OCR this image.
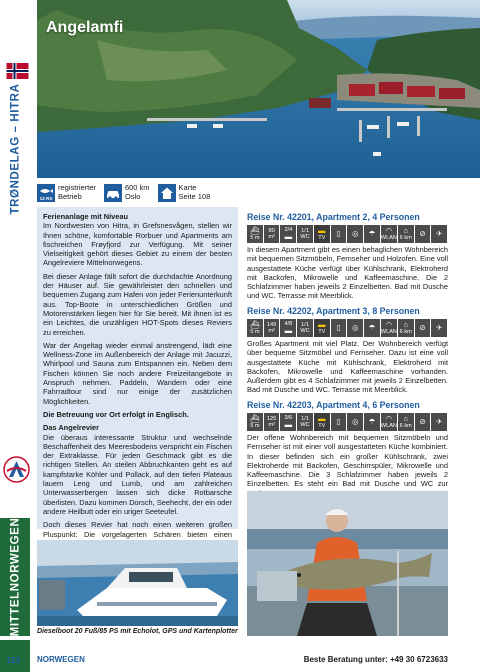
TRØNDELAG – HITRA
MITTELNORWEGEN
Angelamfi
13 RS
registrierter
Betrieb
600 km
Oslo
Karte
Seite 108
Ferienanlage mit Niveau

Im Nordwesten von Hitra, in Grefsnesvågen, stellen wir Ihnen schöne, komfortable Rorbuer und Apartments am fischreichen Frøyfjord zur Verfügung. Mit seiner Vielseitigkeit gehört dieses Gebiet zu einem der besten Angelreviere Mittelnorwegens.

Bei dieser Anlage fällt sofort die durchdachte Anordnung der Häuser auf. Sie gewährleistet den schnellen und bequemen Zugang zum Hafen von jeder Ferienunterkunft aus. Top-Boote in unterschiedlichen Größen und Motorenstärken liegen hier für Sie bereit. Mit ihnen ist es ein Leichtes, die unzähligen HOT-Spots dieses Reviers zu erreichen.

War der Angeltag wieder einmal anstrengend, lädt eine Wellness-Zone im Außenbereich der Anlage mit Jacuzzi, Whirlpool und Sauna zum Entspannen ein. Neben dem Fischen können Sie noch andere Freizeitangebote in Anspruch nehmen. Paddeln, Wandern oder eine Fahrradtour sind nur einige der zusätzlichen Möglichkeiten.

Die Betreuung vor Ort erfolgt in Englisch.

Das Angelrevier

Die überaus interessante Struktur und wechselnde Beschaffenheit des Meeresbodens verspricht ein Fischen der Extraklasse. Für jeden Geschmack gibt es die richtigen Stellen. An steilen Abbruchkanten geht es auf kampfstarke Köhler und Pollack, auf den tiefen Plateaus lauern Leng und Lumb, und am zahlreichen Unterwasserbergen lassen sich dicke Rotbarsche überlisten. Dazu kommen Dorsch, Seehecht, der ein oder andere Heilbutt oder ein uriger Seeteufel.

Doch dieses Revier hat noch einen weiteren großen Pluspunkt: Die vorgelagerten Schären bieten einen

Dieselboot 20 Fuß/85 PS mit Echolot, GPS und Kartenplotter
Reise Nr. 42201, Apartment 2, 4 Personen
⛴
5 m
80
m²
2/4
▬
1/1
WC
▬
TV ▯ ◎ ☂ ◠
WLAN
⌂
6 km ⊘ ✈
In diesem Apartment gibt es einen behaglichen Wohnbereich mit bequemen Sitzmöbeln, Fernseher und Holzofen. Eine voll ausgestattete Küche verfügt über Kühlschrank, Elektroherd mit Backofen, Mikrowelle und Kaffeemaschine. Die 2 Schlafzimmer haben jeweils 2 Einzelbetten. Bad mit Dusche und WC. Terrasse mit Meerblick.
Reise Nr. 42202, Apartment 3, 8 Personen
⛴
5 m
149
m²
4/8
▬
1/1
WC
▬
TV ▯ ◎ ☂ ◠
WLAN
⌂
6 km ⊘ ✈
Großes Apartment mit viel Platz. Der Wohnbereich verfügt über bequeme Sitzmöbel und Fernseher. Dazu ist eine voll ausgestattete Küche mit Kühlschrank, Elektroherd mit Backofen, Mikrowelle und Kaffeemaschine vorhanden. Außerdem gibt es 4 Schlafzimmer mit jeweils 2 Einzelbetten. Bad mit Dusche und WC. Terrasse mit Meerblick.
Reise Nr. 42203, Apartment 4, 6 Personen
⛴
5 m
125
m²
3/6
▬
1/1
WC
▬
TV ▯ ◎ ☂ ◠
WLAN
⌂
6 km ⊘ ✈
Der offene Wohnbereich mit bequemen Sitzmöbeln und Fernseher ist mit einer voll ausgestatteten Küche kombiniert. In dieser befinden sich ein großer Kühlschrank, zwei Elektroherde mit Backofen, Geschirrspüler, Mikrowelle und Kaffeemaschine. Die 3 Schlafzimmer haben jeweils 2 Einzelbetten. Es steht ein Bad mit Dusche und WC zur
122 NORWEGEN	Beste Beratung unter: +49 30 6723633
